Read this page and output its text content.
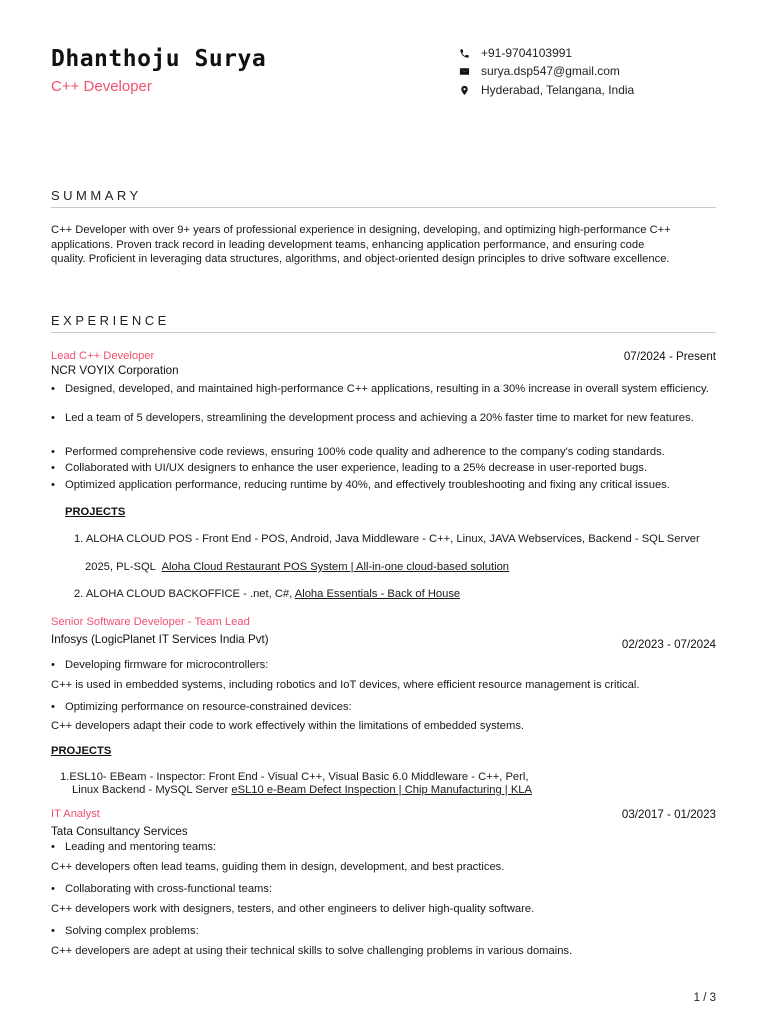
Dhanthoju Surya
C++ Developer
+91-9704103991
surya.dsp547@gmail.com
Hyderabad, Telangana, India
SUMMARY
C++ Developer with over 9+ years of professional experience in designing, developing, and optimizing high-performance C++
applications. Proven track record in leading development teams, enhancing application performance, and ensuring code
quality. Proficient in leveraging data structures, algorithms, and object-oriented design principles to drive software excellence.
EXPERIENCE
Lead C++ Developer	07/2024 - Present
NCR VOYIX Corporation
• Designed, developed, and maintained high-performance C++ applications, resulting in a 30% increase in overall system efficiency.
• Led a team of 5 developers, streamlining the development process and achieving a 20% faster time to market for new features.
• Performed comprehensive code reviews, ensuring 100% code quality and adherence to the company's coding standards.
• Collaborated with UI/UX designers to enhance the user experience, leading to a 25% decrease in user-reported bugs.
• Optimized application performance, reducing runtime by 40%, and effectively troubleshooting and fixing any critical issues.
PROJECTS
1. ALOHA CLOUD POS - Front End - POS, Android, Java Middleware - C++, Linux, JAVA Webservices, Backend - SQL Server
2025, PL-SQL Aloha Cloud Restaurant POS System | All-in-one cloud-based solution
2. ALOHA CLOUD BACKOFFICE - .net, C#, Aloha Essentials - Back of House
Senior Software Developer - Team Lead
Infosys (LogicPlanet IT Services India Pvt)	02/2023 - 07/2024
• Developing firmware for microcontrollers:
C++ is used in embedded systems, including robotics and IoT devices, where efficient resource management is critical.
• Optimizing performance on resource-constrained devices:
C++ developers adapt their code to work effectively within the limitations of embedded systems.
PROJECTS
1.ESL10- EBeam - Inspector: Front End - Visual C++, Visual Basic 6.0 Middleware - C++, Perl,
Linux Backend - MySQL Server eSL10 e-Beam Defect Inspection | Chip Manufacturing | KLA
IT Analyst	03/2017 - 01/2023
Tata Consultancy Services
• Leading and mentoring teams:
C++ developers often lead teams, guiding them in design, development, and best practices.
• Collaborating with cross-functional teams:
C++ developers work with designers, testers, and other engineers to deliver high-quality software.
• Solving complex problems:
C++ developers are adept at using their technical skills to solve challenging problems in various domains.
1 / 3
